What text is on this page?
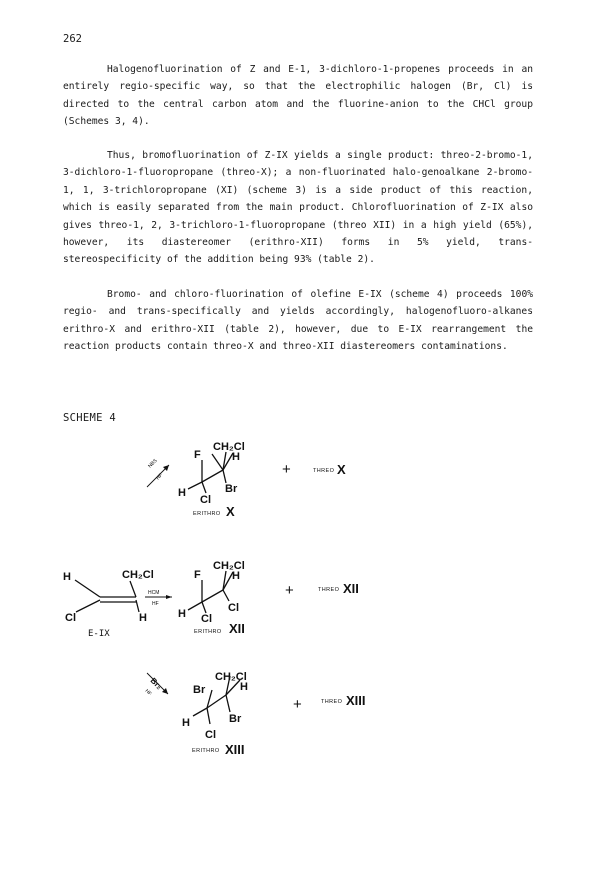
262

Halogenofluorination of Z and E-1, 3-dichloro-1-propenes proceeds in an entirely regio-specific way, so that the electrophilic halogen (Br, Cl) is directed to the central carbon atom and the fluorine-anion to the CHCl group (Schemes 3, 4).

Thus, bromofluorination of Z-IX yields a single product: threo-2-bromo-1, 3-dichloro-1-fluoropropane (threo-X); a non-fluorinated halo-genoalkane 2-bromo-1, 1, 3-trichloropropane (XI) (scheme 3) is a side product of this reaction, which is easily separated from the main product. Chlorofluorination of Z-IX also gives threo-1, 2, 3-trichloro-1-fluoropropane (threo XII) in a high yield (65%), however, its diastereomer (erithro-XII) forms in 5% yield, trans-stereospecificity of the addition being 93% (table 2).

Bromo- and chloro-fluorination of olefine E-IX (scheme 4) proceeds 100% regio- and trans-specifically and yields accordingly, halogenofluoro-alkanes erithro-X and erithro-XII (table 2), however, due to E-IX rearrangement the reaction products contain threo-X and threo-XII diastereomers contaminations.

SCHEME 4
H	CH₂Cl
Cl	H
E-IX
NBS
HF
HCM
HF
Br₂
HF
CH₂Cl
H
F
Br
H
Cl
ERITHRO X
+	THREO X
CH₂Cl
H
F
Cl
H Cl
ERITHRO XII
+	THREO XII
CH₂Cl
H
Br
Br
H
Cl
ERITHRO XIII
+	THREO XIII
